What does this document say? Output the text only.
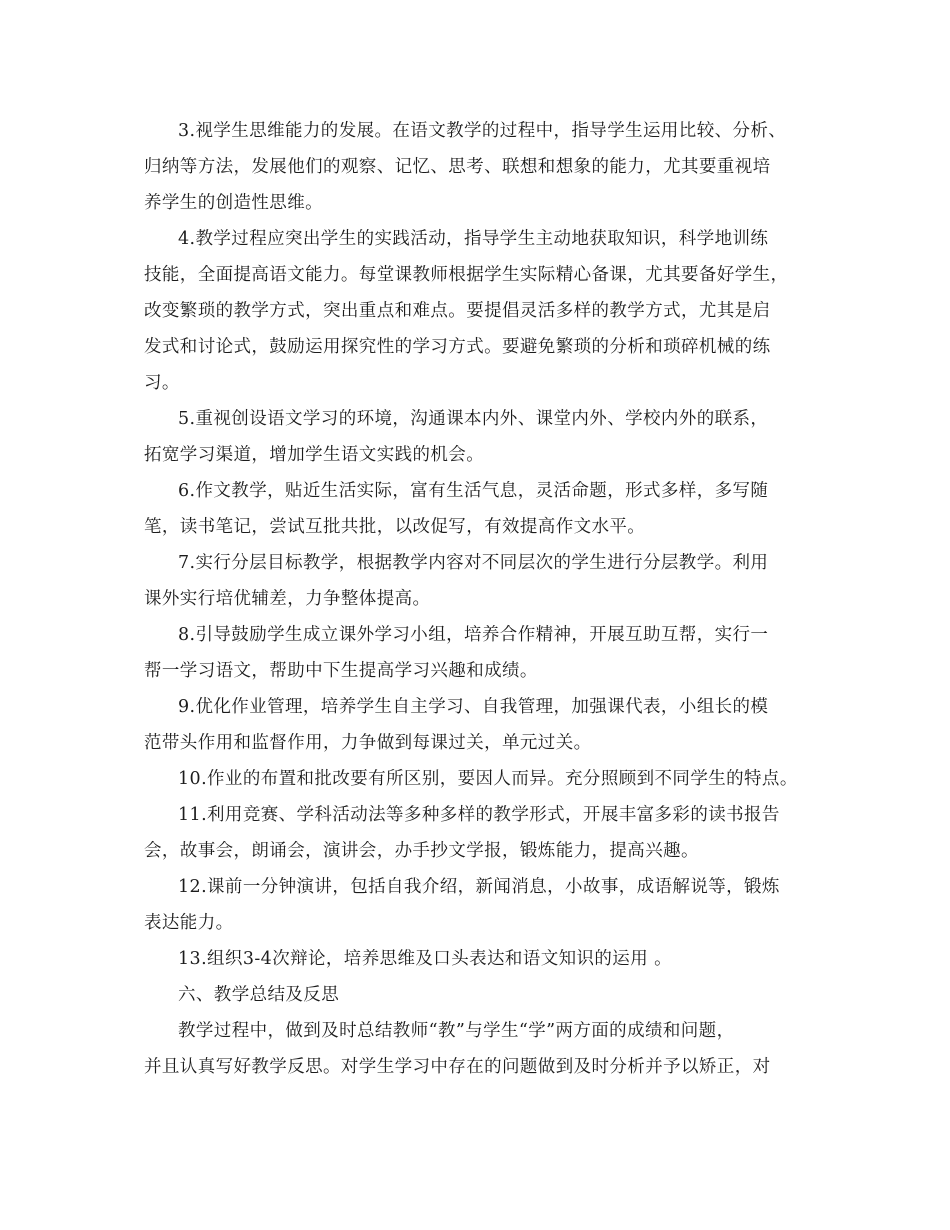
3.视学生思维能力的发展。在语文教学的过程中，指导学生运用比较、分析、
归纳等方法，发展他们的观察、记忆、思考、联想和想象的能力，尤其要重视培
养学生的创造性思维。
4.教学过程应突出学生的实践活动，指导学生主动地获取知识，科学地训练
技能，全面提高语文能力。每堂课教师根据学生实际精心备课，尤其要备好学生，
改变繁琐的教学方式，突出重点和难点。要提倡灵活多样的教学方式，尤其是启
发式和讨论式，鼓励运用探究性的学习方式。要避免繁琐的分析和琐碎机械的练
习。
5.重视创设语文学习的环境，沟通课本内外、课堂内外、学校内外的联系，
拓宽学习渠道，增加学生语文实践的机会。
6.作文教学，贴近生活实际，富有生活气息，灵活命题，形式多样，多写随
笔，读书笔记，尝试互批共批，以改促写，有效提高作文水平。
7.实行分层目标教学，根据教学内容对不同层次的学生进行分层教学。利用
课外实行培优辅差，力争整体提高。
8.引导鼓励学生成立课外学习小组，培养合作精神，开展互助互帮，实行一
帮一学习语文，帮助中下生提高学习兴趣和成绩。
9.优化作业管理，培养学生自主学习、自我管理，加强课代表，小组长的模
范带头作用和监督作用，力争做到每课过关，单元过关。
10.作业的布置和批改要有所区别，要因人而异。充分照顾到不同学生的特点。
11.利用竞赛、学科活动法等多种多样的教学形式，开展丰富多彩的读书报告
会，故事会，朗诵会，演讲会，办手抄文学报，锻炼能力，提高兴趣。
12.课前一分钟演讲，包括自我介绍，新闻消息，小故事，成语解说等，锻炼
表达能力。
13.组织3-4次辩论，培养思维及口头表达和语文知识的运用 。
六、教学总结及反思
教学过程中，做到及时总结教师“教”与学生“学”两方面的成绩和问题，
并且认真写好教学反思。对学生学习中存在的问题做到及时分析并予以矫正，对
